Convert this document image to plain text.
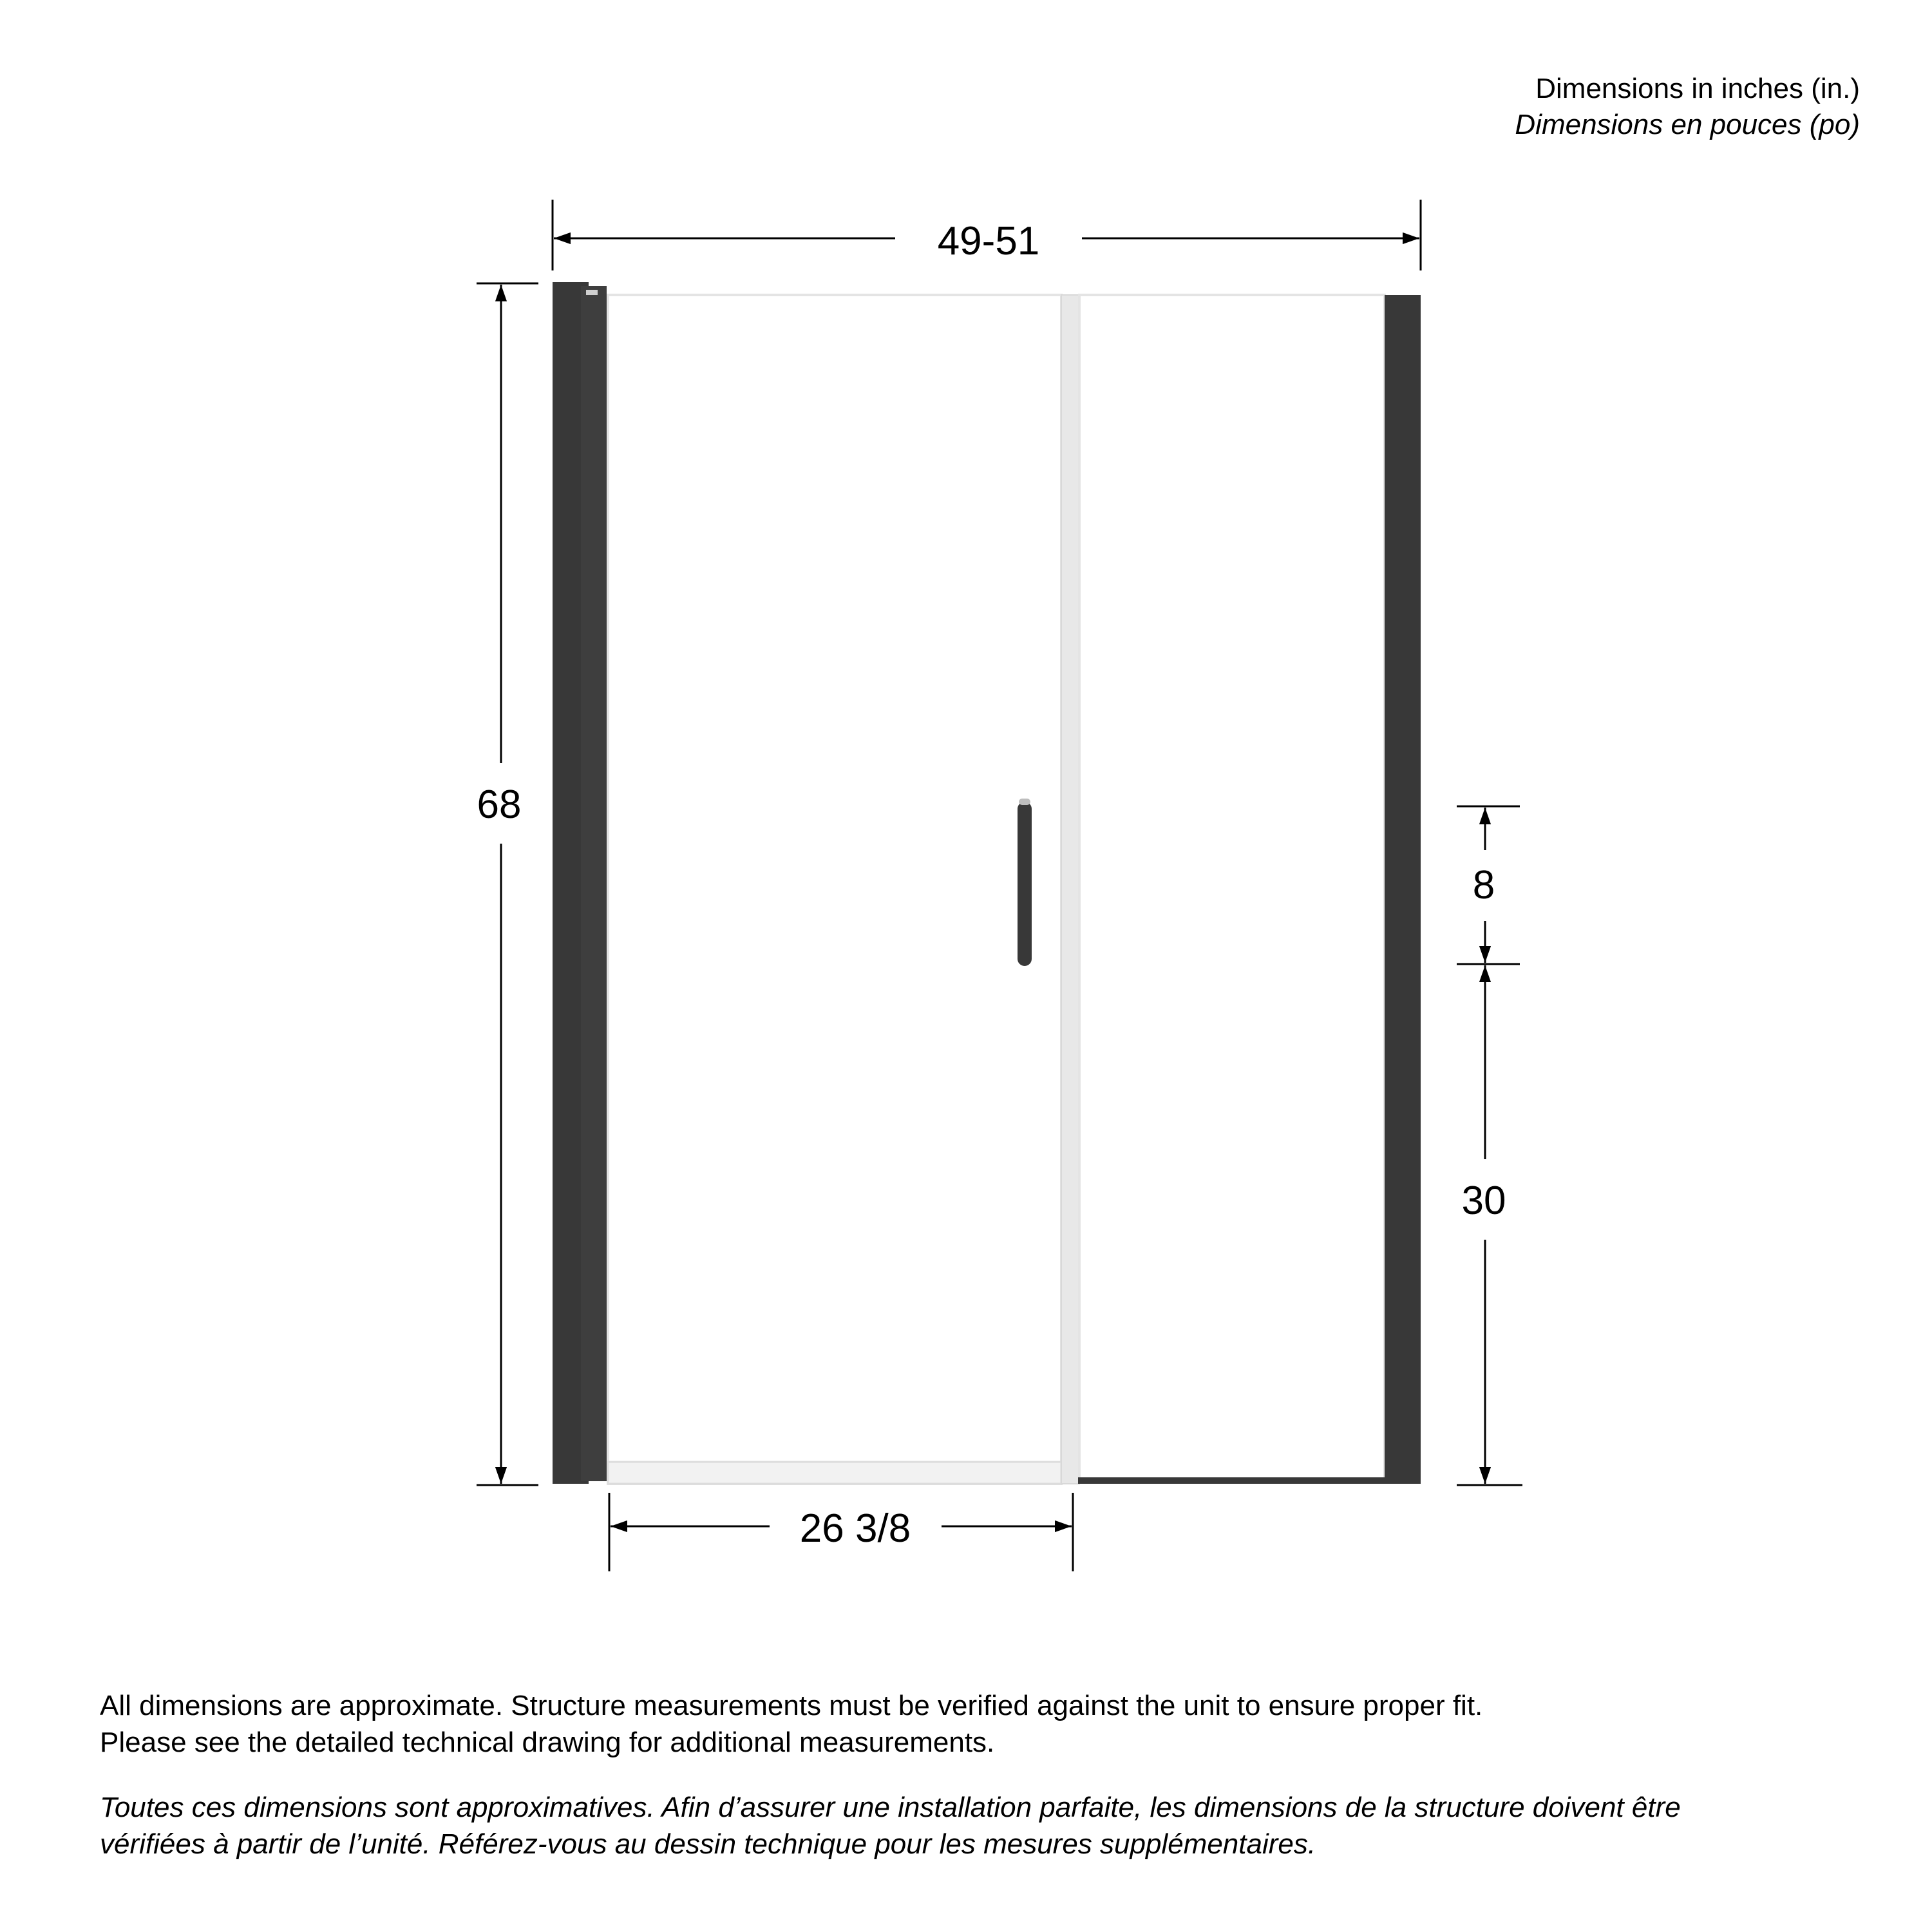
Dimensions in inches (in.)
Dimensions en pouces (po)
49-51
68
26 3/8
8
30

All dimensions are approximate. Structure measurements must be verified against the unit to ensure proper fit.

Please see the detailed technical drawing for additional measurements.

Toutes ces dimensions sont approximatives. Afin d’assurer une installation parfaite, les dimensions de la structure doivent être

vérifiées à partir de l’unité. Référez-vous au dessin technique pour les mesures supplémentaires.
